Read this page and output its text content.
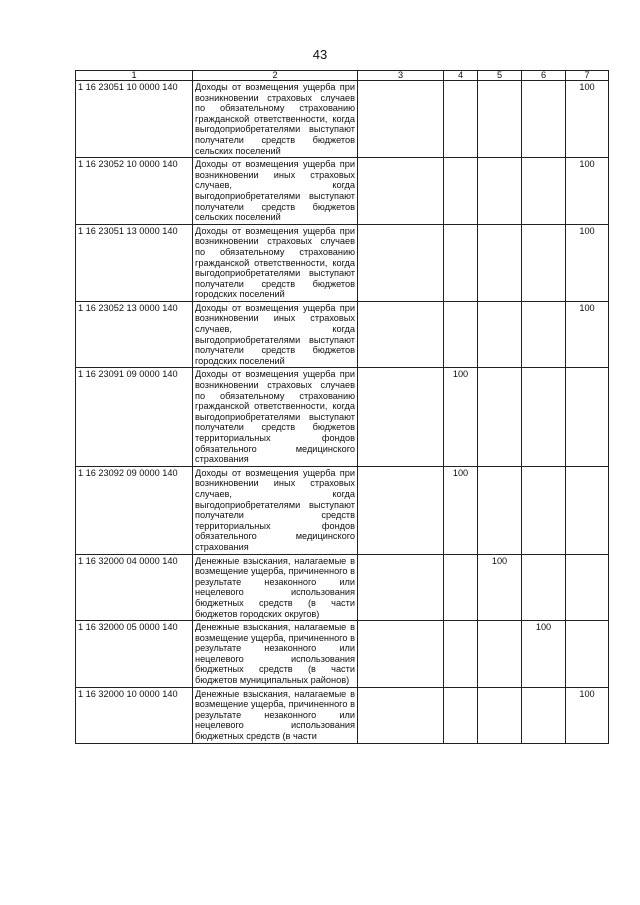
43
1	2	3	4	5	6	7
1 16 23051 10 0000 140	Доходы от возмещения ущерба при возникновении страховых случаев по обязательному страхованию гражданской ответственности, когда выгодоприобретателями выступают получатели средств бюджетов сельских поселений					100
1 16 23052 10 0000 140	Доходы от возмещения ущерба при возникновении иных страховых случаев, когда выгодоприобретателями выступают получатели средств бюджетов сельских поселений					100
1 16 23051 13 0000 140	Доходы от возмещения ущерба при возникновении страховых случаев по обязательному страхованию гражданской ответственности, когда выгодоприобретателями выступают получатели средств бюджетов городских поселений					100
1 16 23052 13 0000 140	Доходы от возмещения ущерба при возникновении иных страховых случаев, когда выгодоприобретателями выступают получатели средств бюджетов городских поселений					100
1 16 23091 09 0000 140	Доходы от возмещения ущерба при возникновении страховых случаев по обязательному страхованию гражданской ответственности, когда выгодоприобретателями выступают получатели средств бюджетов территориальных фондов обязательного медицинского страхования		100			
1 16 23092 09 0000 140	Доходы от возмещения ущерба при возникновении иных страховых случаев, когда выгодоприобретателями выступают получатели средств территориальных фондов обязательного медицинского страхования		100			
1 16 32000 04 0000 140	Денежные взыскания, налагаемые в возмещение ущерба, причиненного в результате незаконного или нецелевого использования бюджетных средств (в части бюджетов городских округов)			100		
1 16 32000 05 0000 140	Денежные взыскания, налагаемые в возмещение ущерба, причиненного в результате незаконного или нецелевого использования бюджетных средств (в части бюджетов муниципальных районов)				100	
1 16 32000 10 0000 140	Денежные взыскания, налагаемые в возмещение ущерба, причиненного в результате незаконного или нецелевого использования бюджетных средств (в части					100
